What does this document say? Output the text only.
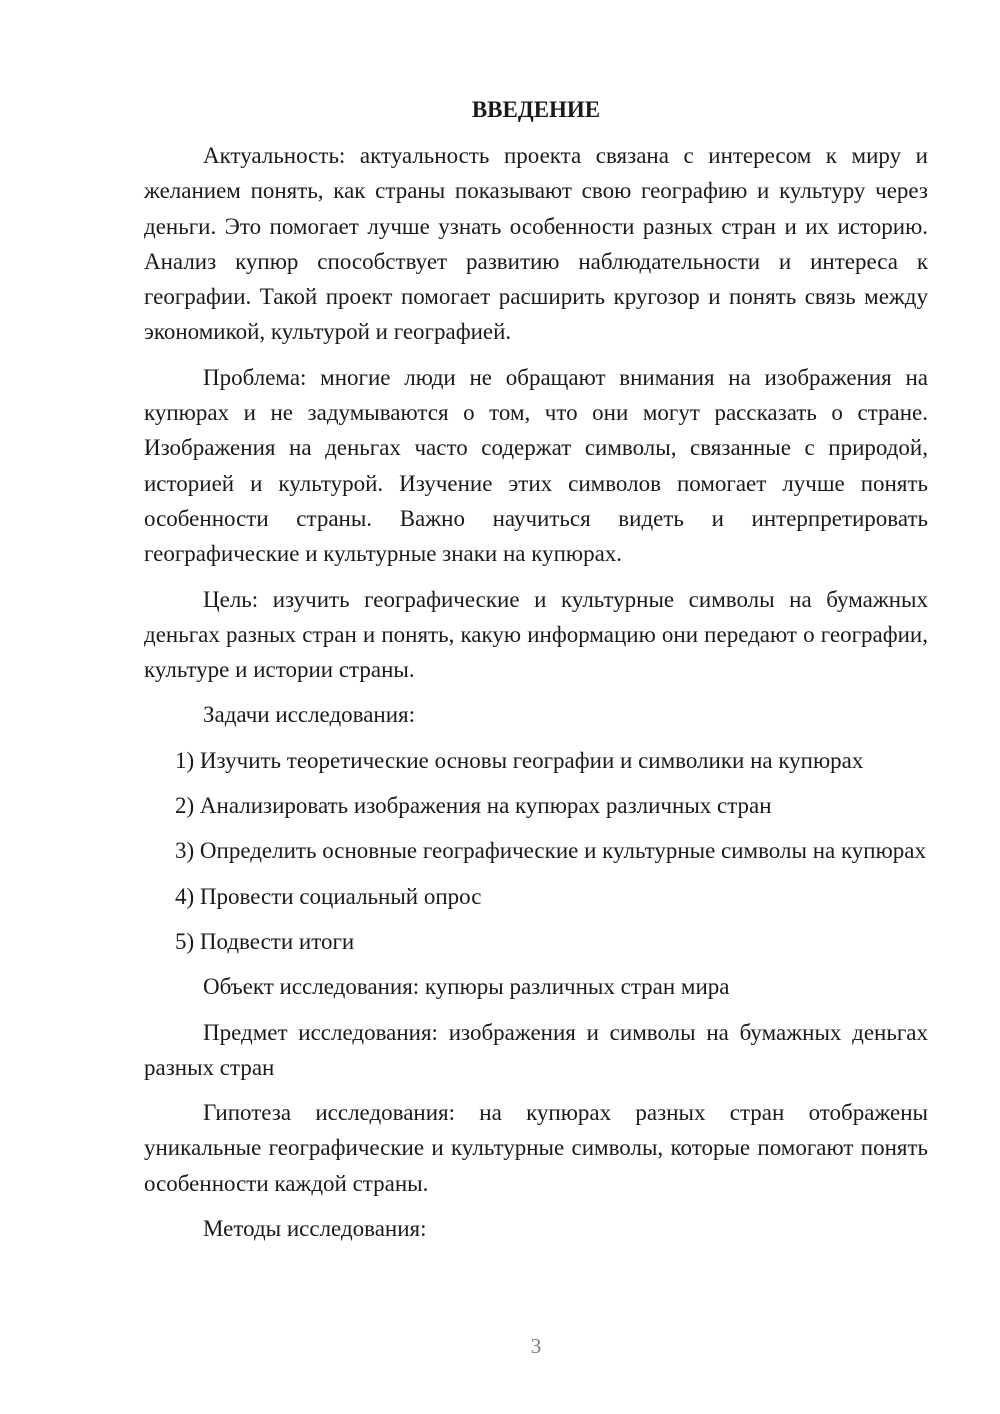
ВВЕДЕНИЕ

Актуальность: актуальность проекта связана с интересом к миру и желанием понять, как страны показывают свою географию и культуру через деньги. Это помогает лучше узнать особенности разных стран и их историю. Анализ купюр способствует развитию наблюдательности и интереса к географии. Такой проект помогает расширить кругозор и понять связь между экономикой, культурой и географией.

Проблема: многие люди не обращают внимания на изображения на купюрах и не задумываются о том, что они могут рассказать о стране. Изображения на деньгах часто содержат символы, связанные с природой, историей и культурой. Изучение этих символов помогает лучше понять особенности страны. Важно научиться видеть и интерпретировать географические и культурные знаки на купюрах.

Цель: изучить географические и культурные символы на бумажных деньгах разных стран и понять, какую информацию они передают о географии, культуре и истории страны.

Задачи исследования:

1) Изучить теоретические основы географии и символики на купюрах

2) Анализировать изображения на купюрах различных стран

3) Определить основные географические и культурные символы на купюрах

4) Провести социальный опрос

5) Подвести итоги

Объект исследования: купюры различных стран мира

Предмет исследования: изображения и символы на бумажных деньгах разных стран

Гипотеза исследования: на купюрах разных стран отображены уникальные географические и культурные символы, которые помогают понять особенности каждой страны.

Методы исследования:

3
